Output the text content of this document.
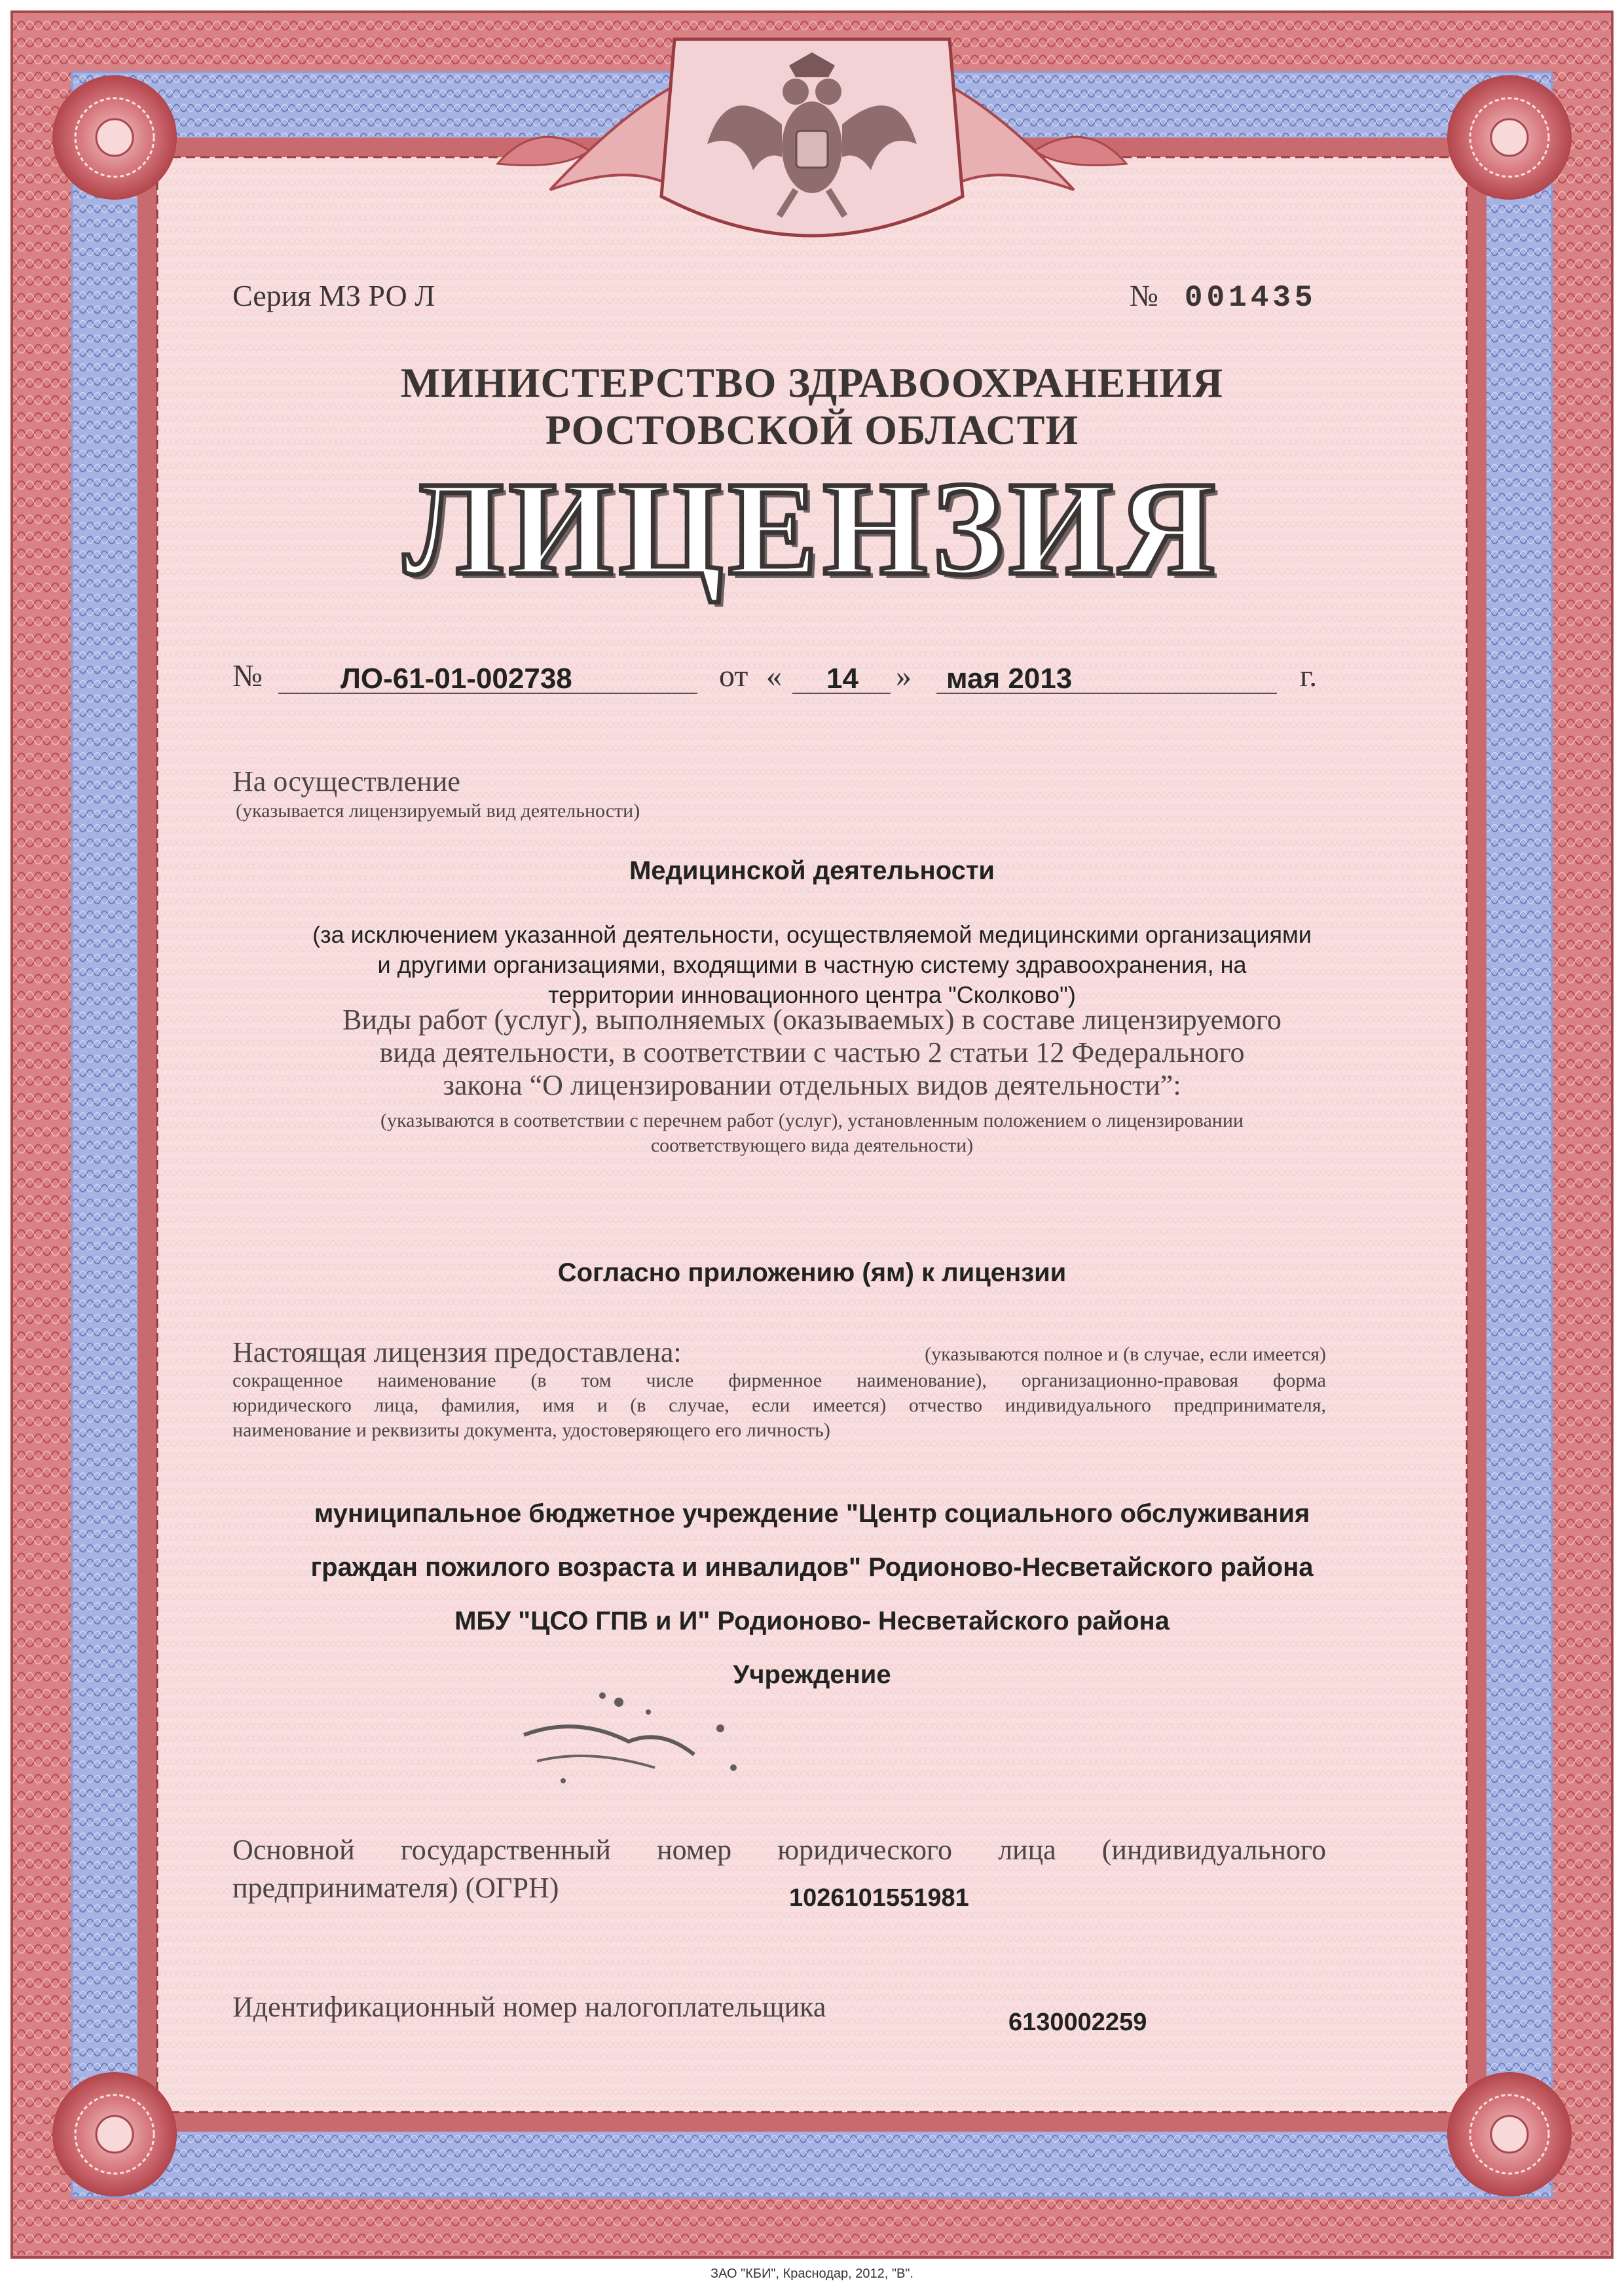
Серия МЗ РО Л	№ 001435
МИНИСТЕРСТВО ЗДРАВООХРАНЕНИЯ
РОСТОВСКОЙ ОБЛАСТИ
ЛИЦЕНЗИЯ
№	ЛО-61-01-002738	от « 14 » мая 2013	г.
На осуществление
(указывается лицензируемый вид деятельности)
Медицинской деятельности
(за исключением указанной деятельности, осуществляемой медицинскими организациями
и другими организациями, входящими в частную систему здравоохранения, на
территории инновационного центра "Сколково")
Виды работ (услуг), выполняемых (оказываемых) в составе лицензируемого
вида деятельности, в соответствии с частью 2 статьи 12 Федерального
закона “О лицензировании отдельных видов деятельности”:
(указываются в соответствии с перечнем работ (услуг), установленным положением о лицензировании
соответствующего вида деятельности)
Согласно приложению (ям) к лицензии
Настоящая лицензия предоставлена:	(указываются полное и (в случае, если имеется)
сокращенное наименование (в том числе фирменное наименование), организационно-правовая форма
юридического лица, фамилия, имя и (в случае, если имеется) отчество индивидуального предпринимателя,
наименование и реквизиты документа, удостоверяющего его личность)
муниципальное бюджетное учреждение "Центр социального обслуживания
граждан пожилого возраста и инвалидов" Родионово-Несветайского района
МБУ "ЦСО ГПВ и И" Родионово- Несветайского района
Учреждение
Основной государственный номер юридического лица (индивидуального
предпринимателя) (ОГРН)	1026101551981
Идентификационный номер налогоплательщика	6130002259
ЗАО "КБИ", Краснодар, 2012, "В".
